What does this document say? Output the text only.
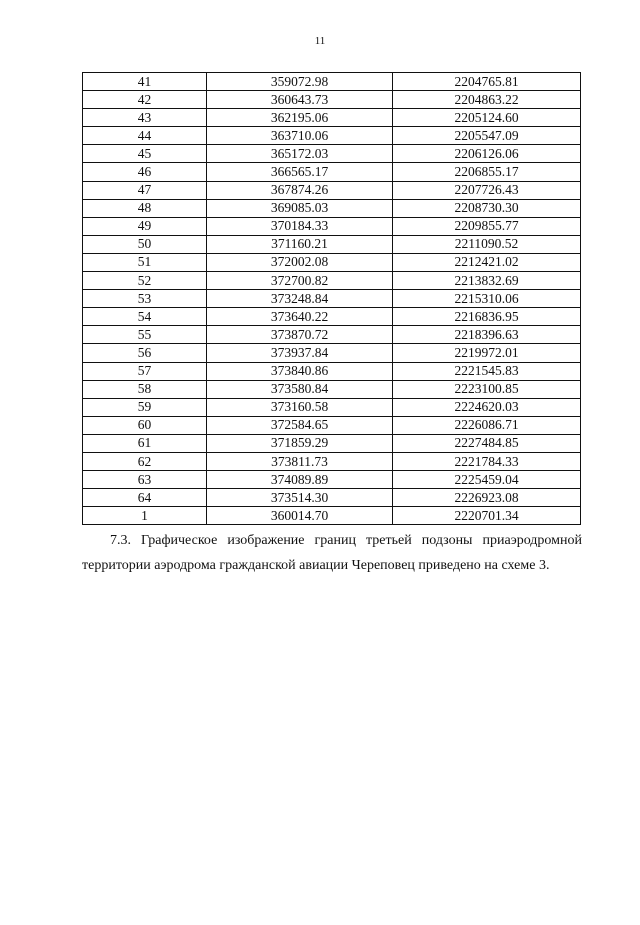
11
41	359072.98	2204765.81
42	360643.73	2204863.22
43	362195.06	2205124.60
44	363710.06	2205547.09
45	365172.03	2206126.06
46	366565.17	2206855.17
47	367874.26	2207726.43
48	369085.03	2208730.30
49	370184.33	2209855.77
50	371160.21	2211090.52
51	372002.08	2212421.02
52	372700.82	2213832.69
53	373248.84	2215310.06
54	373640.22	2216836.95
55	373870.72	2218396.63
56	373937.84	2219972.01
57	373840.86	2221545.83
58	373580.84	2223100.85
59	373160.58	2224620.03
60	372584.65	2226086.71
61	371859.29	2227484.85
62	373811.73	2221784.33
63	374089.89	2225459.04
64	373514.30	2226923.08
1	360014.70	2220701.34

7.3. Графическое изображение границ третьей подзоны приаэродромной
территории аэродрома гражданской авиации Череповец приведено на схеме 3.
